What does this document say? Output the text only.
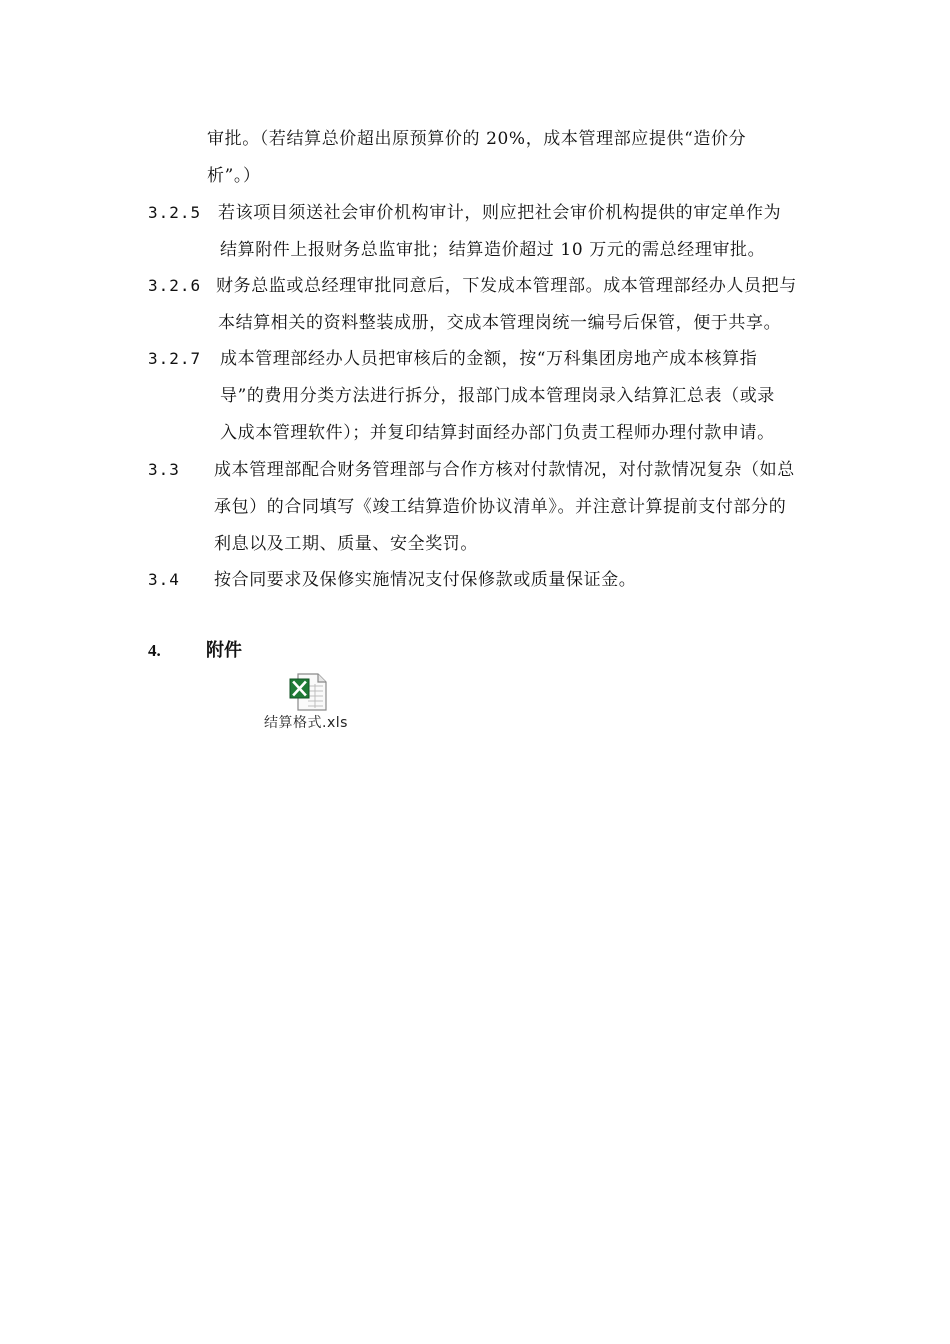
审批。（若结算总价超出原预算价的 20%，成本管理部应提供“造价分
析”。）
3.2.5 若该项目须送社会审价机构审计，则应把社会审价机构提供的审定单作为
结算附件上报财务总监审批；结算造价超过 10 万元的需总经理审批。
3.2.6 财务总监或总经理审批同意后，下发成本管理部。成本管理部经办人员把与
本结算相关的资料整装成册，交成本管理岗统一编号后保管，便于共享。
3.2.7 成本管理部经办人员把审核后的金额，按“万科集团房地产成本核算指
导”的费用分类方法进行拆分，报部门成本管理岗录入结算汇总表（或录
入成本管理软件）；并复印结算封面经办部门负责工程师办理付款申请。
3.3 成本管理部配合财务管理部与合作方核对付款情况，对付款情况复杂（如总
承包）的合同填写《竣工结算造价协议清单》。并注意计算提前支付部分的
利息以及工期、质量、安全奖罚。
3.4 按合同要求及保修实施情况支付保修款或质量保证金。
4.	附件
结算格式.xls
